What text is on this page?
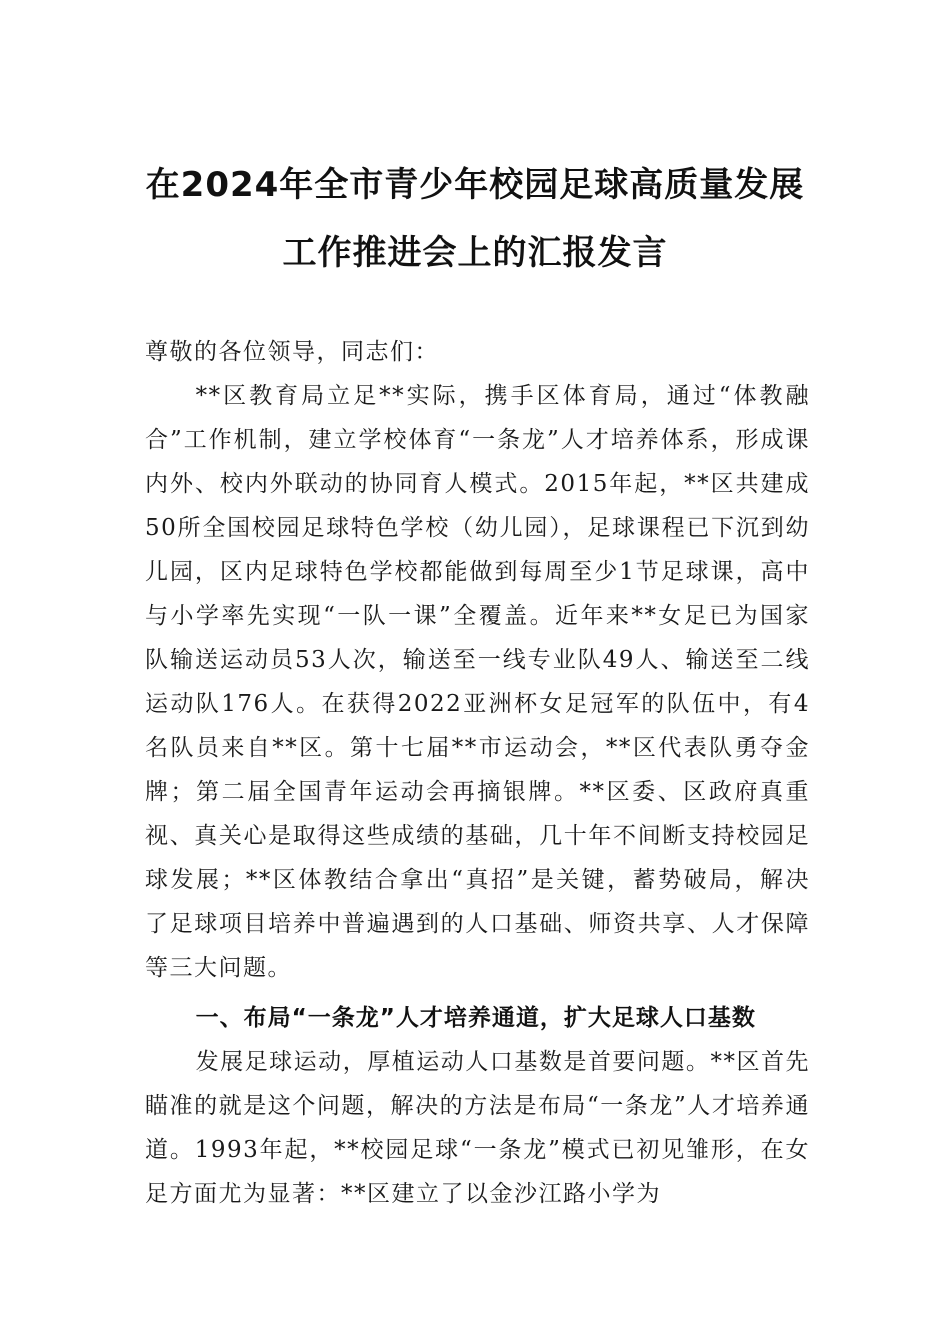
在2024年全市青少年校园足球高质量发展
工作推进会上的汇报发言
尊敬的各位领导，同志们：

**区教育局立足**实际，携手区体育局，通过“体教融合”工作机制，建立学校体育“一条龙”人才培养体系，形成课内外、校内外联动的协同育人模式。2015年起，**区共建成50所全国校园足球特色学校（幼儿园），足球课程已下沉到幼儿园，区内足球特色学校都能做到每周至少1节足球课，高中与小学率先实现“一队一课”全覆盖。近年来**女足已为国家队输送运动员53人次，输送至一线专业队49人、输送至二线运动队176人。在获得2022亚洲杯女足冠军的队伍中，有4名队员来自**区。第十七届**市运动会，**区代表队勇夺金牌；第二届全国青年运动会再摘银牌。**区委、区政府真重视、真关心是取得这些成绩的基础，几十年不间断支持校园足球发展；**区体教结合拿出“真招”是关键，蓄势破局，解决了足球项目培养中普遍遇到的人口基础、师资共享、人才保障等三大问题。

一、布局“一条龙”人才培养通道，扩大足球人口基数

发展足球运动，厚植运动人口基数是首要问题。**区首先瞄准的就是这个问题，解决的方法是布局“一条龙”人才培养通道。1993年起，**校园足球“一条龙”模式已初见雏形，在女足方面尤为显著：**区建立了以金沙江路小学为
